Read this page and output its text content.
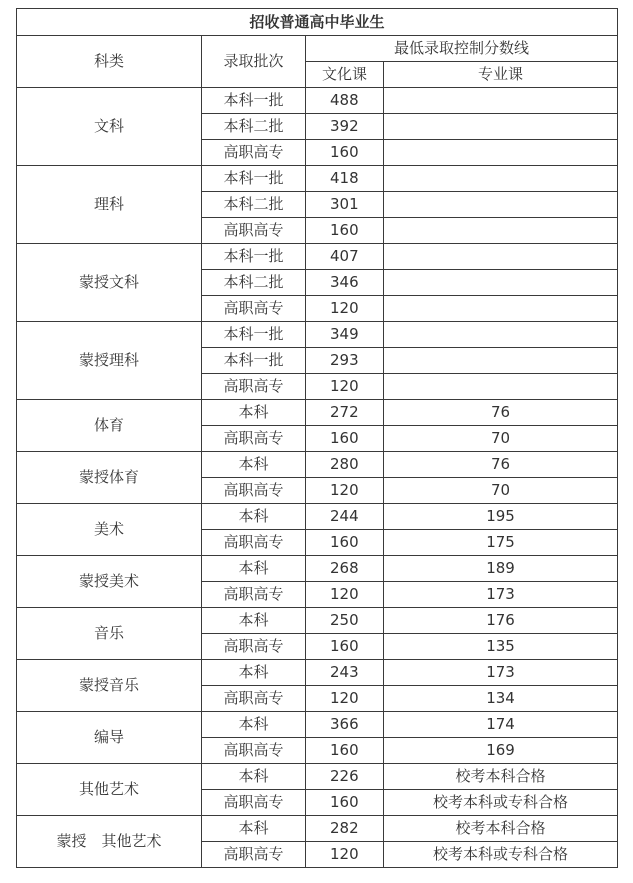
招收普通高中毕业生			
科类	录取批次	最低录取控制分数线	
		文化课	专业课
文科	本科一批	488	
	本科二批	392	
	高职高专	160	
理科	本科一批	418	
	本科二批	301	
	高职高专	160	
蒙授文科	本科一批	407	
	本科二批	346	
	高职高专	120	
蒙授理科	本科一批	349	
	本科一批	293	
	高职高专	120	
体育	本科	272	76
	高职高专	160	70
蒙授体育	本科	280	76
	高职高专	120	70
美术	本科	244	195
	高职高专	160	175
蒙授美术	本科	268	189
	高职高专	120	173
音乐	本科	250	176
	高职高专	160	135
蒙授音乐	本科	243	173
	高职高专	120	134
编导	本科	366	174
	高职高专	160	169
其他艺术	本科	226	校考本科合格
	高职高专	160	校考本科或专科合格
蒙授　其他艺术	本科	282	校考本科合格
	高职高专	120	校考本科或专科合格
